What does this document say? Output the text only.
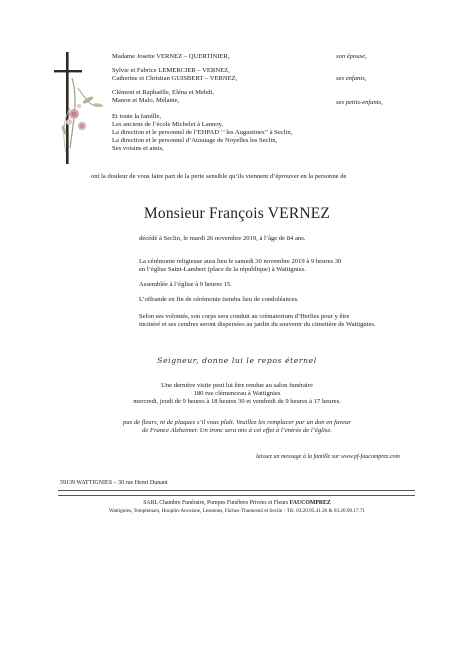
Madame Josette VERNEZ – QUERTINIER,	son épouse,
Sylvie et Fabrice LEMERCIER – VERNEZ,
Catherine et Christian GUISBERT – VERNEZ,	ses enfants,
Clément et Raphaëlle, Eléna et Mehdi,
Manon et Malo, Mélanie,	ses petits-enfants,
Et toute la famille,
Les anciens de l’école Michelet à Lannoy,
La direction et le personnel de l’EHPAD ‘’ les Augustines’’ à Seclin,
La direction et le personnel d’Atoutage de Noyelles les Seclin,
Ses voisins et amis,
ont la douleur de vous faire part de la perte sensible qu’ils viennent d’éprouver en la personne de
Monsieur François VERNEZ
décédé à Seclin, le mardi 26 novembre 2019, à l’âge de 84 ans.
La cérémonie religieuse aura lieu le samedi 30 novembre 2019 à 9 heures 30
en l’église Saint-Lambert (place de la république) à Wattignies.
Assemblée à l’église à 9 heures 15.
L’offrande en fin de cérémonie tiendra lieu de condoléances.
Selon ses volontés, son corps sera conduit au crématorium d’Herlies pour y être
incinéré et ses cendres seront dispersées au jardin du souvenir du cimetière de Wattignies.
Seigneur, donne lui le repos éternel
Une dernière visite peut lui être rendue au salon funéraire
180 rue clémenceau à Wattignies
mercredi, jeudi de 9 heures à 18 heures 30 et vendredi de 9 heures à 17 heures.
pas de fleurs, ni de plaques s’il vous plaît. Veuillez les remplacer par un don en faveur
de France Alzheimer. Un tronc sera mis à cet effet à l’entrée de l’église.
laissez un message à la famille sur www.pf-faucomprez.com
59139 WATTIGNIES – 30 rue Henri Dunant
SARL Chambre Funéraire, Pompes Funèbres Privées et Fleurs FAUCOMPREZ
Wattignies, Templemars, Houplin-Ancoisne, Lezennes, Fâches-Thumesnil et Seclin - Tél. 03.20.95.41.26 & 03.20.90.17.71
